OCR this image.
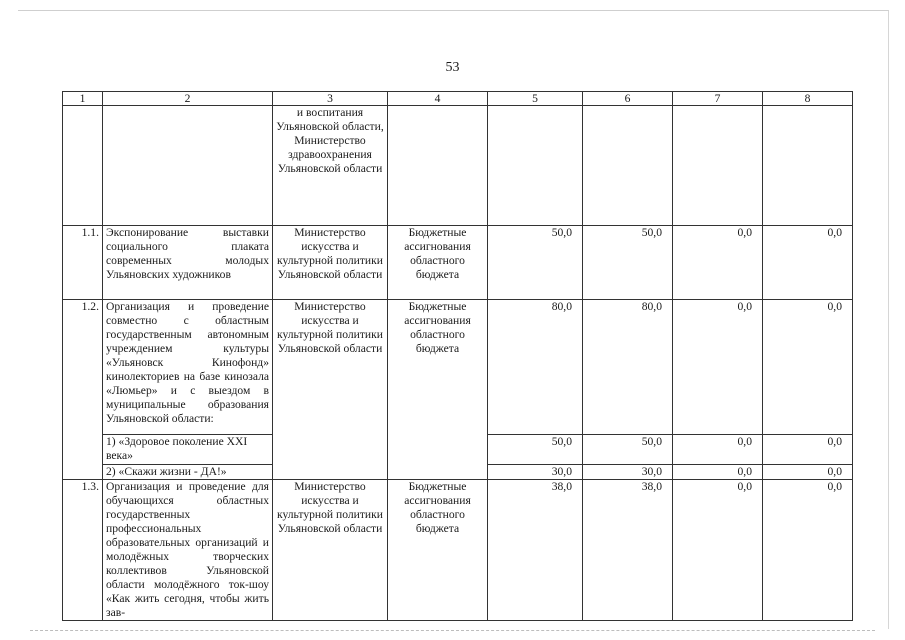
53
1	2	3	4	5	6	7	8
		и воспитания Ульяновской области, Министерство здравоохранения Ульяновской области					
1.1.	Экспонирование выставки социального плаката современных молодых Ульяновских художников	Министерство искусства и культурной политики Ульяновской области	Бюджетные ассигнования областного бюджета	50,0	50,0	0,0	0,0
1.2.	Организация и проведение совместно с областным государственным автономным учреждением культуры «Ульяновск Кинофонд» кинолекториев на базе кинозала «Люмьер» и с выездом в муниципальные образования Ульяновской области:	Министерство искусства и культурной политики Ульяновской области	Бюджетные ассигнования областного бюджета	80,0	80,0	0,0	0,0
	1) «Здоровое поколение XXI века»			50,0	50,0	0,0	0,0
	2) «Скажи жизни - ДА!»			30,0	30,0	0,0	0,0
1.3.	Организация и проведение для обучающихся областных государственных профессиональных образовательных организаций и молодёжных творческих коллективов Ульяновской области молодёжного ток-шоу «Как жить сегодня, чтобы жить зав-	Министерство искусства и культурной политики Ульяновской области	Бюджетные ассигнования областного бюджета	38,0	38,0	0,0	0,0
